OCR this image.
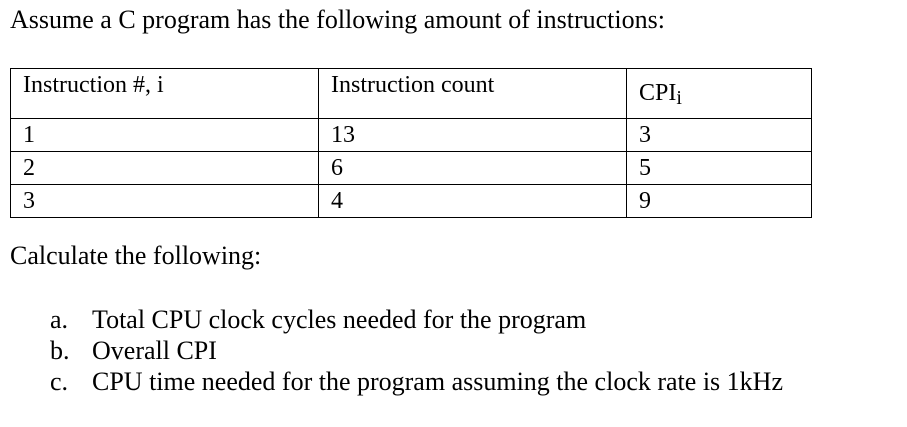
Assume a C program has the following amount of instructions:
Instruction #, i	Instruction count	$CPI_i$
1	13	3
2	6	5
3	4	9
Calculate the following:
a. Total CPU clock cycles needed for the program
b. Overall CPI
c. CPU time needed for the program assuming the clock rate is 1kHz
